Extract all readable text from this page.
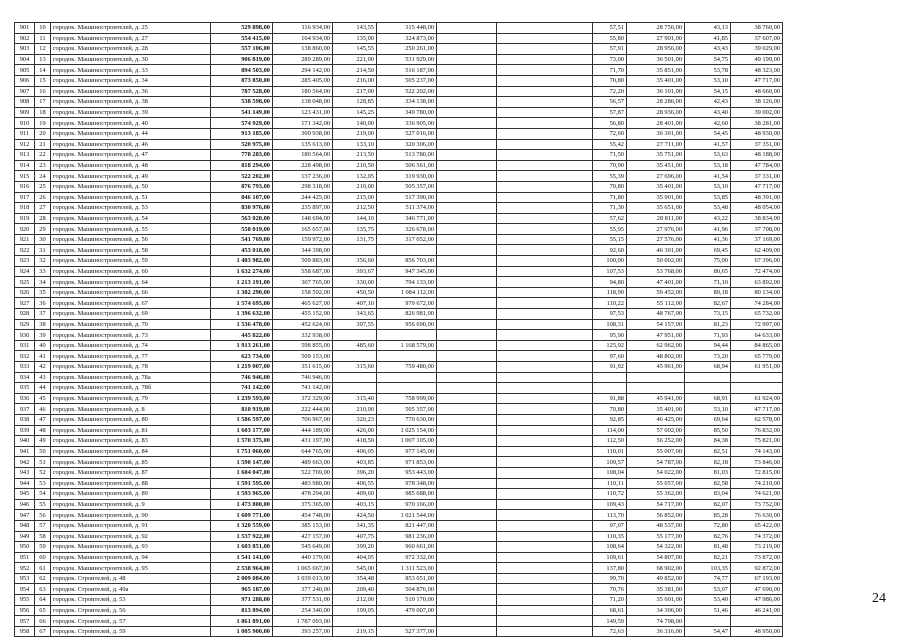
901	10	городок. Машиностроителей, д. 25	529 898,00	116 934,00	143,55	315 448,00			57,51	28 756,00	43,13	38 760,00
902	11	городок. Машиностроителей, д. 27	554 415,00	164 934,00	135,00	324 873,00			55,80	27 901,00	41,85	37 607,00
903	12	городок. Машиностроителей, д. 28	557 106,00	138 860,00	145,55	250 261,00			57,91	28 956,00	43,43	39 029,00
904	13	городок. Машиностроителей, д. 30	906 819,00	289 289,00	221,00	531 929,00			73,00	36 501,00	54,75	49 199,00
905	14	городок. Машиностроителей, д. 33	894 503,00	294 142,00	214,50	516 187,00			71,70	35 851,00	53,78	48 323,00
906	15	городок. Машиностроителей, д. 34	873 850,00	285 405,00	216,00	505 237,00			70,80	35 401,00	53,10	47 717,00
907	16	городок. Машиностроителей, д. 36	787 528,00	180 564,00	217,00	522 202,00			72,20	36 101,00	54,15	48 660,00
908	17	городок. Машиностроителей, д. 38	538 598,00	138 048,00	128,85	334 138,00			56,57	28 286,00	42,43	38 126,00
909	18	городок. Машиностроителей, д. 39	541 149,00	123 431,00	145,25	349 780,00			57,87	28 936,00	43,40	39 002,00
910	19	городок. Машиностроителей, д. 40	574 929,00	171 342,00	140,00	336 905,00			56,80	28 401,00	42,60	38 281,00
911	20	городок. Машиностроителей, д. 44	913 185,00	300 938,00	219,00	527 016,00			72,60	36 301,00	54,45	48 930,00
912	21	городок. Машиностроителей, д. 46	520 975,00	135 613,00	133,10	320 306,00			55,42	27 711,00	41,57	37 351,00
913	22	городок. Машиностроителей, д. 47	778 283,00	180 564,00	213,50	513 780,00			71,50	35 751,00	53,63	48 188,00
914	23	городок. Машиностроителей, д. 48	818 294,00	228 498,00	210,50	506 561,00			70,90	35 451,00	53,18	47 784,00
915	24	городок. Машиностроителей, д. 49	522 202,00	137 236,00	132,95	319 930,00			55,39	27 696,00	41,54	37 331,00
916	25	городок. Машиностроителей, д. 50	876 793,00	298 318,00	210,00	505 357,00			70,80	35 401,00	53,10	47 717,00
917	26	городок. Машиностроителей, д. 51	846 107,00	244 425,00	215,00	517 390,00			71,80	35 901,00	53,85	48 391,00
918	27	городок. Машиностроителей, д. 53	830 976,00	235 897,00	212,50	511 374,00			71,30	35 651,00	53,48	48 054,00
919	28	городок. Машиностроителей, д. 54	563 020,00	148 694,00	144,10	346 771,00			57,62	28 811,00	43,22	38 834,00
920	29	городок. Машиностроителей, д. 55	558 019,00	165 657,00	135,75	326 678,00			55,95	27 976,00	41,96	37 708,00
921	30	городок. Машиностроителей, д. 56	541 769,00	159 972,00	131,75	317 052,00			55,15	27 576,00	41,36	37 169,00
922	31	городок. Машиностроителей, д. 58	453 018,00	344 398,00					92,60	46 301,00	69,45	62 409,00
923	32	городок. Машиностроителей, д. 59	1 483 982,00	509 883,00	356,60	856 703,00			100,00	50 002,00	75,00	67 396,00
924	33	городок. Машиностроителей, д. 60	1 632 274,00	558 687,00	393,67	947 345,00			107,53	53 768,00	80,65	72 474,00
925	34	городок. Машиностроителей, д. 64	1 213 191,00	307 765,00	330,00	794 133,00			94,80	47 401,00	71,10	63 892,00
926	35	городок. Машиностроителей, д. 66	1 382 290,00	158 592,00	450,50	1 084 112,00			118,90	59 452,00	89,18	80 134,00
927	36	городок. Машиностроителей, д. 67	1 574 695,00	465 627,00	407,10	979 672,00			110,22	55 112,00	82,67	74 284,00
928	37	городок. Машиностроителей, д. 69	1 396 632,00	455 152,00	343,65	826 981,00			97,53	48 767,00	73,15	65 732,00
929	38	городок. Машиностроителей, д. 70	1 536 478,00	452 624,00	397,55	956 690,00			108,31	54 157,00	81,23	72 997,00
930	39	городок. Машиностроителей, д. 73	445 822,00	332 938,00					95,90	47 951,00	71,93	64 633,00
931	40	городок. Машиностроителей, д. 74	1 913 261,00	598 855,00	485,60	1 168 579,00			125,92	62 962,00	94,44	84 865,00
932	41	городок. Машиностроителей, д. 77	623 734,00	509 153,00					97,60	48 802,00	73,20	65 779,00
933	42	городок. Машиностроителей, д. 78	1 219 007,00	351 615,00	315,60	759 480,00			91,92	45 961,00	68,94	61 951,00
934	43	городок. Машиностроителей, д. 78а	746 946,00	746 946,00								
935	44	городок. Машиностроителей, д. 78б	741 142,00	741 142,00								
936	45	городок. Машиностроителей, д. 79	1 239 593,00	372 329,00	315,40	758 999,00			91,88	45 941,00	68,91	61 924,00
937	46	городок. Машиностроителей, д. 8	810 919,00	222 444,00	210,00	505 357,00			70,80	35 401,00	53,10	47 717,00
938	47	городок. Машиностроителей, д. 80	1 586 597,00	706 967,00	320,23	770 630,00			92,85	46 425,00	69,64	62 578,00
939	48	городок. Машиностроителей, д. 81	1 603 177,00	444 189,00	426,00	1 025 154,00			114,00	57 002,00	85,50	76 832,00
940	49	городок. Машиностроителей, д. 83	1 570 375,00	431 197,00	418,50	1 007 105,00			112,50	56 252,00	84,38	75 821,00
941	50	городок. Машиностроителей, д. 84	1 751 060,00	644 765,00	406,05	977 145,00			110,01	55 007,00	82,51	74 143,00
942	51	городок. Машиностроителей, д. 85	1 590 147,00	489 663,00	403,85	971 853,00			109,57	54 787,00	82,18	73 846,00
943	52	городок. Машиностроителей, д. 87	1 604 047,00	522 769,00	396,20	953 443,00			108,04	54 022,00	81,03	72 815,00
944	53	городок. Машиностроителей, д. 88	1 591 595,00	483 980,00	406,55	978 348,00			110,11	55 057,00	82,58	74 210,00
945	54	городок. Машиностроителей, д. 89	1 593 965,00	478 294,00	409,60	985 688,00			110,72	55 362,00	83,04	74 621,00
946	55	городок. Машиностроителей, д. 9	1 473 800,00	375 365,00	403,15	970 166,00			109,43	54 717,00	82,07	73 752,00
947	56	городок. Машиностроителей, д. 90	1 609 771,00	454 748,00	424,50	1 021 544,00			113,70	56 852,00	85,28	76 630,00
948	57	городок. Машиностроителей, д. 91	1 320 559,00	385 153,00	341,35	821 447,00			97,07	48 537,00	72,80	65 422,00
949	58	городок. Машиностроителей, д. 92	1 537 922,00	427 157,00	407,75	981 236,00			110,35	55 177,00	82,76	74 372,00
950	59	городок. Машиностроителей, д. 93	1 603 851,00	545 649,00	399,20	960 661,00			108,64	54 322,00	81,48	73 219,00
951	60	городок. Машиностроителей, д. 94	1 541 141,00	440 179,00	404,05	972 332,00			109,61	54 807,00	82,21	73 872,00
952	61	городок. Машиностроителей, д. 95	2 538 964,00	1 065 667,00	545,00	1 311 523,00			137,80	68 902,00	103,35	92 872,00
953	62	городок. Строителей, д. 48	2 009 084,00	1 039 013,00	354,48	853 051,00			99,70	49 852,00	74,77	67 193,00
954	63	городок. Строителей, д. 49а	965 187,00	377 240,00	209,40	504 876,00			70,76	35 381,00	53,07	47 690,00
955	64	городок. Строителей, д. 53	971 288,00	377 531,00	212,00	510 170,00			71,20	35 601,00	53,40	47 986,00
956	65	городок. Строителей, д. 56	813 894,00	254 340,00	199,05	479 007,00			68,61	34 306,00	51,46	46 241,00
957	66	городок. Строителей, д. 57	1 861 891,00	1 787 093,00					149,59	74 798,00		
958	67	городок. Строителей, д. 59	1 005 900,00	393 257,00	219,15	527 377,00			72,63	36 316,00	54,47	48 950,00
24
